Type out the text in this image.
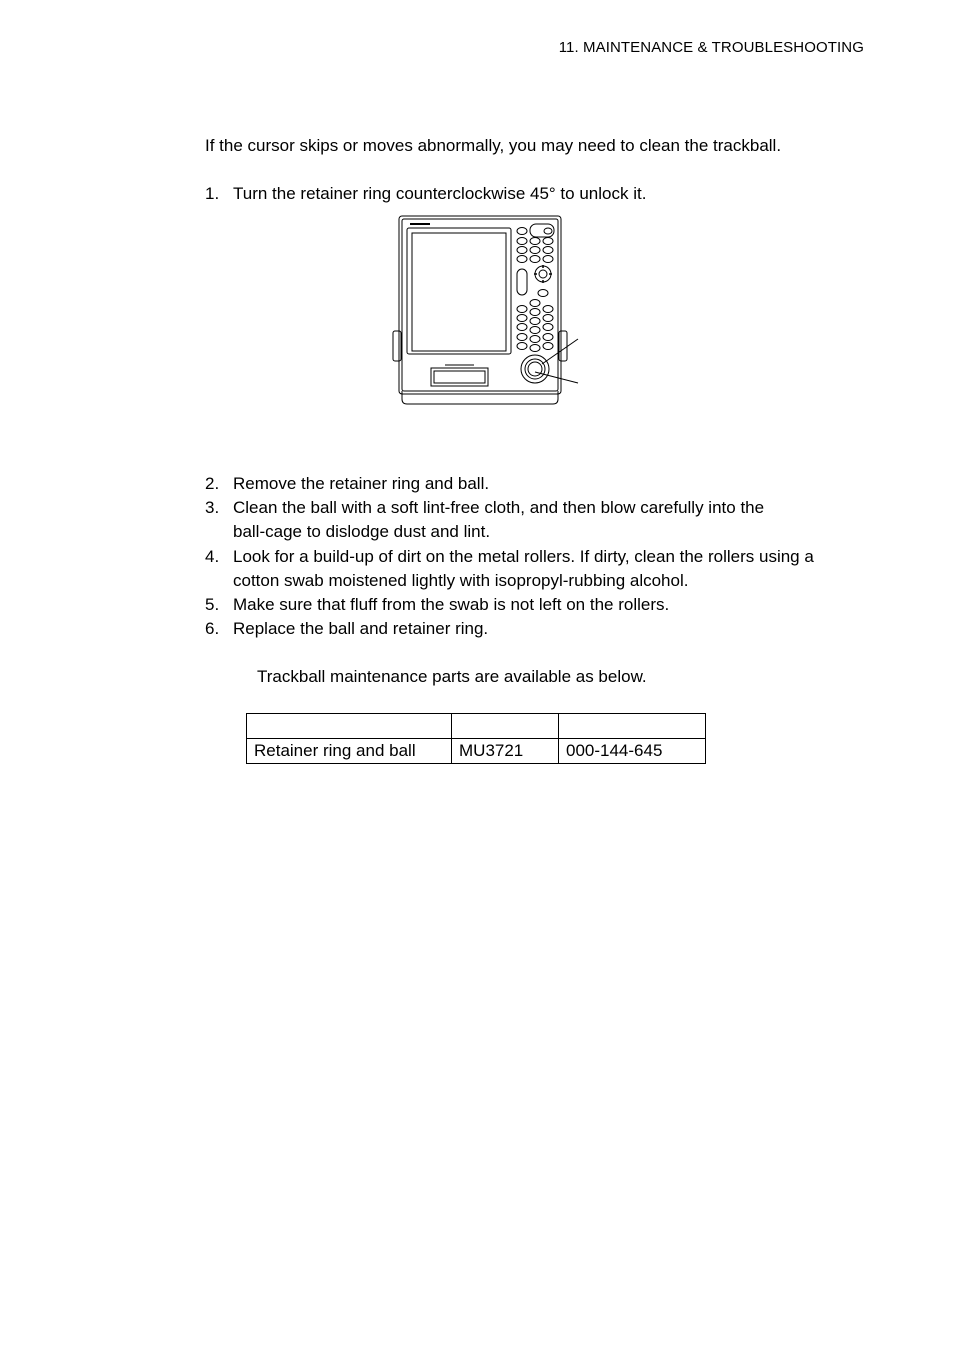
11. MAINTENANCE & TROUBLESHOOTING
If the cursor skips or moves abnormally, you may need to clean the trackball.
1. Turn the retainer ring counterclockwise 45° to unlock it.
2. Remove the retainer ring and ball.
3. Clean the ball with a soft lint-free cloth, and then blow carefully into the
ball-cage to dislodge dust and lint.
4. Look for a build-up of dirt on the metal rollers. If dirty, clean the rollers using a
cotton swab moistened lightly with isopropyl-rubbing alcohol.
5. Make sure that fluff from the swab is not left on the rollers.
6. Replace the ball and retainer ring.
Trackball maintenance parts are available as below.

Retainer ring and ball	MU3721	000-144-645
